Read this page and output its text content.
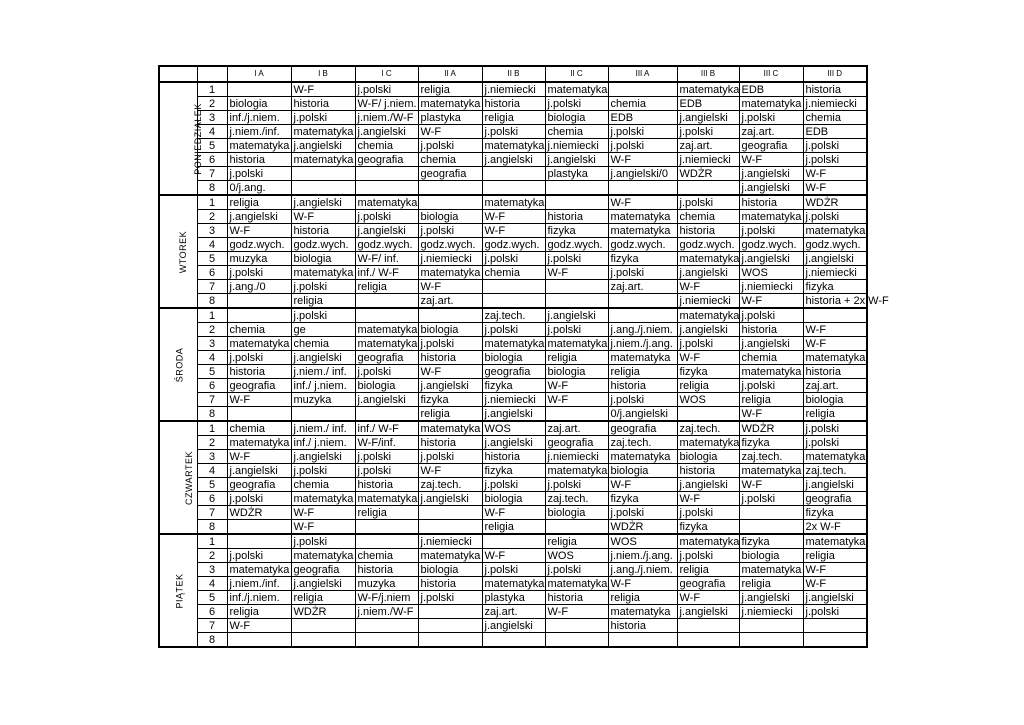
		I A	I B	I C	II A	II B	II C	III A	III B	III C	III D
PONIEDZIAŁEK	1		W-F	j.polski	religia	j.niemiecki	matematyka		matematyka	EDB	historia
	2	biologia	historia	W-F/ j.niem.	matematyka	historia	j.polski	chemia	EDB	matematyka	j.niemiecki
	3	inf./j.niem.	j.polski	j.niem./W-F	plastyka	religia	biologia	EDB	j.angielski	j.polski	chemia
	4	j.niem./inf.	matematyka	j.angielski	W-F	j.polski	chemia	j.polski	j.polski	zaj.art.	EDB
	5	matematyka	j.angielski	chemia	j.polski	matematyka	j.niemiecki	j.polski	zaj.art.	geografia	j.polski
	6	historia	matematyka	geografia	chemia	j.angielski	j.angielski	W-F	j.niemiecki	W-F	j.polski
	7	j.polski			geografia		plastyka	j.angielski/0	WDŻR	j.angielski	W-F
	8	0/j.ang.								j.angielski	W-F
WTOREK	1	religia	j.angielski	matematyka		matematyka		W-F	j.polski	historia	WDŻR
	2	j.angielski	W-F	j.polski	biologia	W-F	historia	matematyka	chemia	matematyka	j.polski
	3	W-F	historia	j.angielski	j.polski	W-F	fizyka	matematyka	historia	j.polski	matematyka
	4	godz.wych.	godz.wych.	godz.wych.	godz.wych.	godz.wych.	godz.wych.	godz.wych.	godz.wych.	godz.wych.	godz.wych.
	5	muzyka	biologia	W-F/ inf.	j.niemiecki	j.polski	j.polski	fizyka	matematyka	j.angielski	j.angielski
	6	j.polski	matematyka	inf./ W-F	matematyka	chemia	W-F	j.polski	j.angielski	WOS	j.niemiecki
	7	j.ang./0	j.polski	religia	W-F			zaj.art.	W-F	j.niemiecki	fizyka
	8		religia		zaj.art.				j.niemiecki	W-F	historia + 2x W-F
ŚRODA	1		j.polski			zaj.tech.	j.angielski		matematyka	j.polski	
	2	chemia	ge	matematyka	biologia	j.polski	j.polski	j.ang./j.niem.	j.angielski	historia	W-F
	3	matematyka	chemia	matematyka	j.polski	matematyka	matematyka	j.niem./j.ang.	j.polski	j.angielski	W-F
	4	j.polski	j.angielski	geografia	historia	biologia	religia	matematyka	W-F	chemia	matematyka
	5	historia	j.niem./ inf.	j.polski	W-F	geografia	biologia	religia	fizyka	matematyka	historia
	6	geografia	inf./ j.niem.	biologia	j.angielski	fizyka	W-F	historia	religia	j.polski	zaj.art.
	7	W-F	muzyka	j.angielski	fizyka	j.niemiecki	W-F	j.polski	WOS	religia	biologia
	8				religia	j.angielski		0/j.angielski		W-F	religia
CZWARTEK	1	chemia	j.niem./ inf.	inf./ W-F	matematyka	WOS	zaj.art.	geografia	zaj.tech.	WDŻR	j.polski
	2	matematyka	inf./ j.niem.	W-F/inf.	historia	j.angielski	geografia	zaj.tech.	matematyka	fizyka	j.polski
	3	W-F	j.angielski	j.polski	j.polski	historia	j.niemiecki	matematyka	biologia	zaj.tech.	matematyka
	4	j.angielski	j.polski	j.polski	W-F	fizyka	matematyka	biologia	historia	matematyka	zaj.tech.
	5	geografia	chemia	historia	zaj.tech.	j.polski	j.polski	W-F	j.angielski	W-F	j.angielski
	6	j.polski	matematyka	matematyka	j.angielski	biologia	zaj.tech.	fizyka	W-F	j.polski	geografia
	7	WDŻR	W-F	religia		W-F	biologia	j.polski	j.polski		fizyka
	8		W-F			religia		WDŻR	fizyka		2x W-F
PIĄTEK	1		j.polski		j.niemiecki		religia	WOS	matematyka	fizyka	matematyka
	2	j.polski	matematyka	chemia	matematyka	W-F	WOS	j.niem./j.ang.	j.polski	biologia	religia
	3	matematyka	geografia	historia	biologia	j.polski	j.polski	j.ang./j.niem.	religia	matematyka	W-F
	4	j.niem./inf.	j.angielski	muzyka	historia	matematyka	matematyka	W-F	geografia	religia	W-F
	5	inf./j.niem.	religia	W-F/j.niem	j.polski	plastyka	historia	religia	W-F	j.angielski	j.angielski
	6	religia	WDŻR	j.niem./W-F		zaj.art.	W-F	matematyka	j.angielski	j.niemiecki	j.polski
	7	W-F				j.angielski		historia			
	8										
